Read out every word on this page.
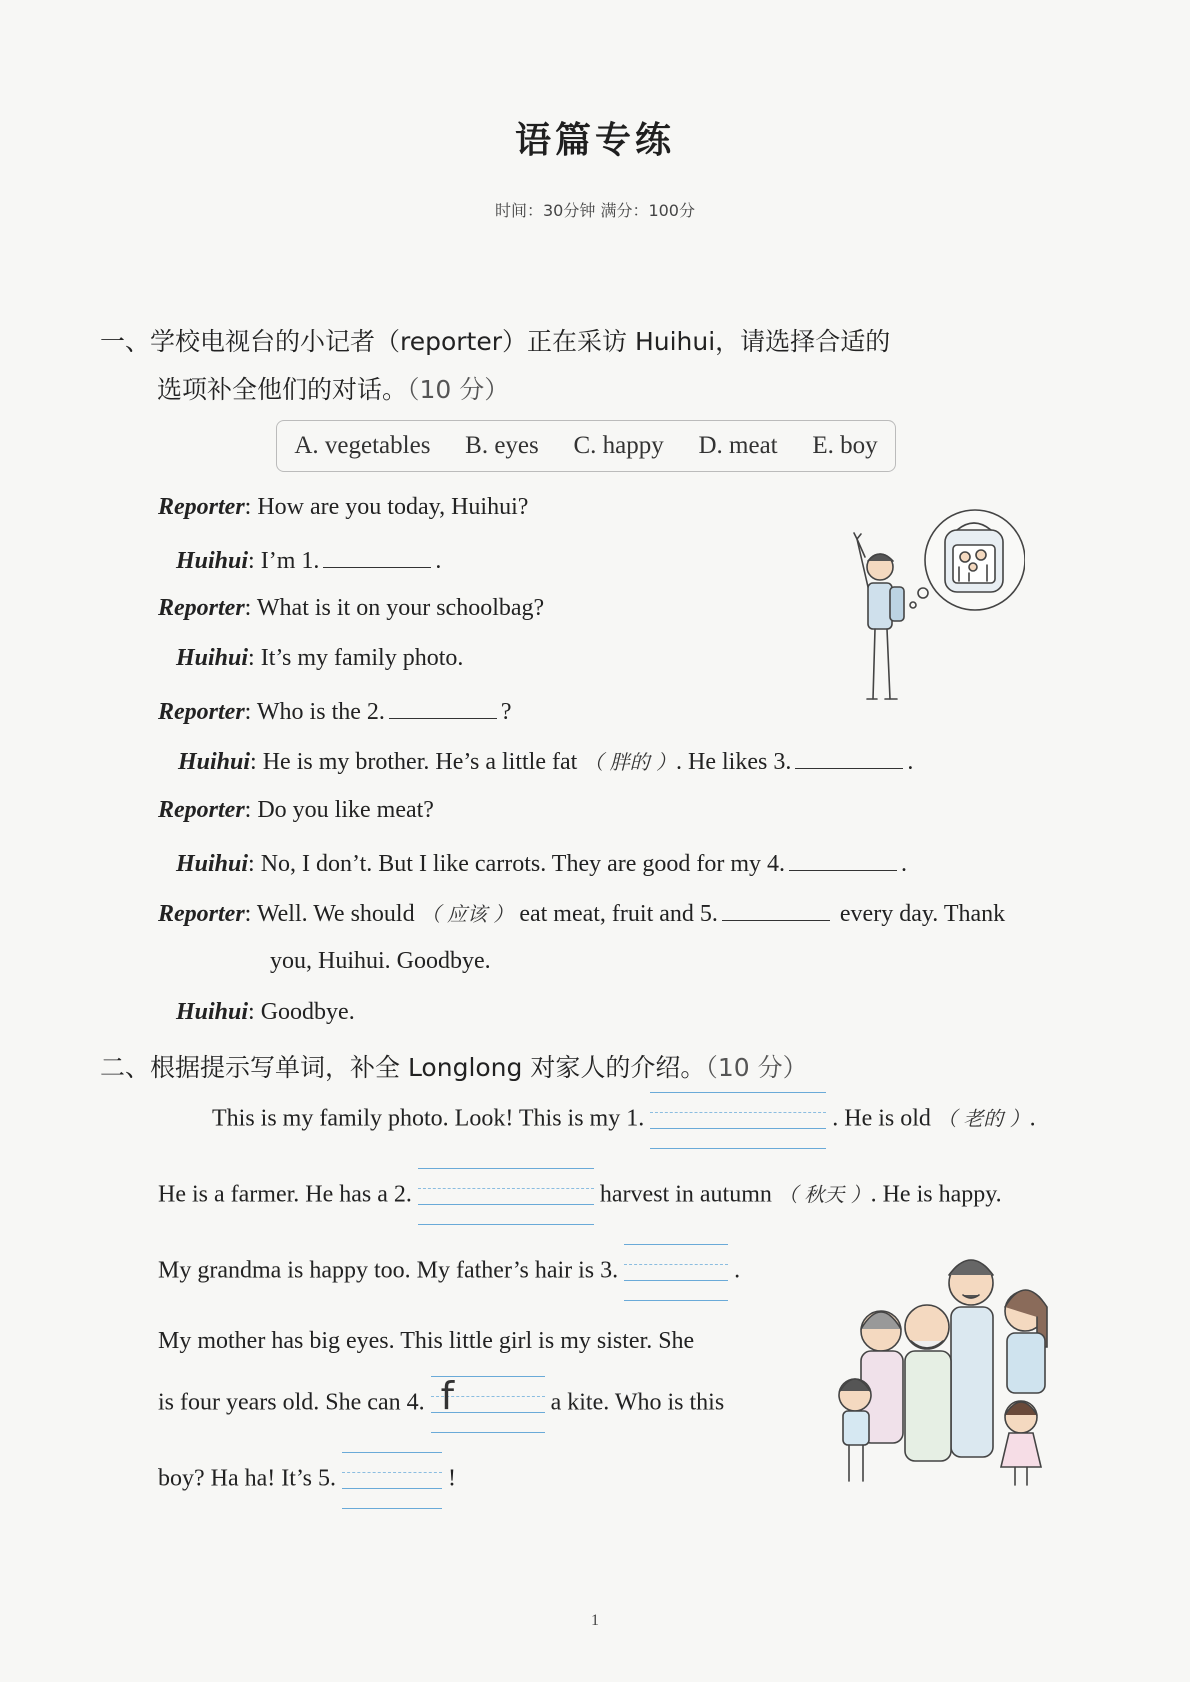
语篇专练
时间：30分钟 满分：100分
一、学校电视台的小记者（reporter）正在采访 Huihui，请选择合适的
选项补全他们的对话。（10 分）
A. vegetables B. eyes C. happy D. meat E. boy
Reporter: How are you today, Huihui?
Huihui: I’m 1.	.
Reporter: What is it on your schoolbag?
Huihui: It’s my family photo.
Reporter: Who is the 2.	?
Huihui: He is my brother. He’s a little fat （ 胖的 ）. He likes 3.	.
Reporter: Do you like meat?
Huihui: No, I don’t. But I like carrots. They are good for my 4.	.
Reporter: Well. We should （ 应该 ） eat meat, fruit and 5.	every day. Thank
you, Huihui. Goodbye.
Huihui: Goodbye.
二、根据提示写单词，补全 Longlong 对家人的介绍。（10 分）
This is my family photo. Look! This is my 1.	. He is old （ 老的 ）.
He is a farmer. He has a 2.	harvest in autumn （ 秋天 ）. He is happy.
My grandma is happy too. My father’s hair is 3.	.
My mother has big eyes. This little girl is my sister. She
is four years old. She can 4. f	a kite. Who is this
boy? Ha ha! It’s 5.	!
1
